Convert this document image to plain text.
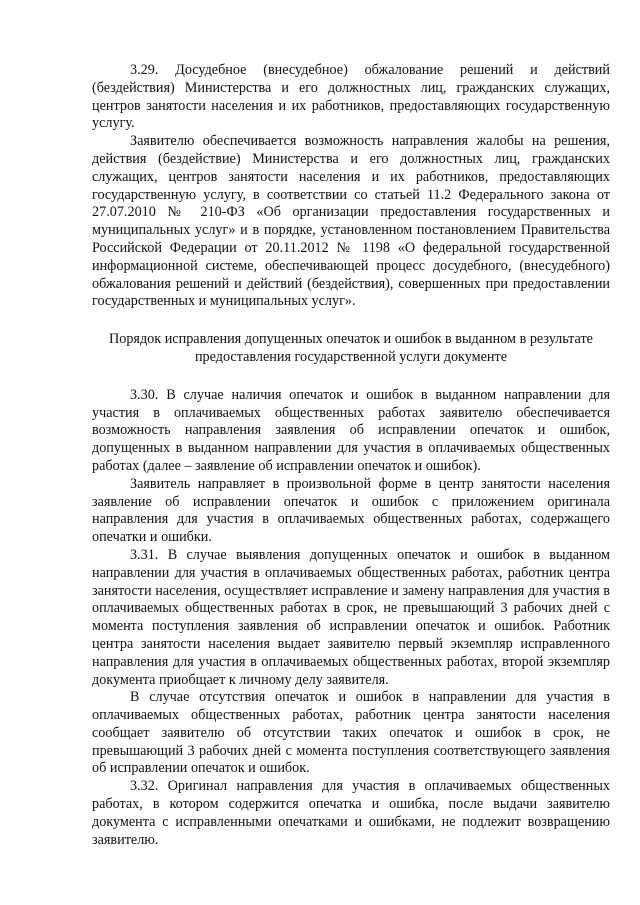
3.29. Досудебное (внесудебное) обжалование решений и действий (бездействия) Министерства и его должностных лиц, гражданских служащих, центров занятости населения и их работников, предоставляющих государственную услугу.

Заявителю обеспечивается возможность направления жалобы на решения, действия (бездействие) Министерства и его должностных лиц, гражданских служащих, центров занятости населения и их работников, предоставляющих государственную услугу, в соответствии со статьей 11.2 Федерального закона от 27.07.2010 № 210-ФЗ «Об организации предоставления государственных и муниципальных услуг» и в порядке, установленном постановлением Правительства Российской Федерации от 20.11.2012 № 1198 «О федеральной государственной информационной системе, обеспечивающей процесс досудебного, (внесудебного) обжалования решений и действий (бездействия), совершенных при предоставлении государственных и муниципальных услуг».

Порядок исправления допущенных опечаток и ошибок в выданном в результате предоставления государственной услуги документе

3.30. В случае наличия опечаток и ошибок в выданном направлении для участия в оплачиваемых общественных работах заявителю обеспечивается возможность направления заявления об исправлении опечаток и ошибок, допущенных в выданном направлении для участия в оплачиваемых общественных работах (далее – заявление об исправлении опечаток и ошибок).

Заявитель направляет в произвольной форме в центр занятости населения заявление об исправлении опечаток и ошибок с приложением оригинала направления для участия в оплачиваемых общественных работах, содержащего опечатки и ошибки.

3.31. В случае выявления допущенных опечаток и ошибок в выданном направлении для участия в оплачиваемых общественных работах, работник центра занятости населения, осуществляет исправление и замену направления для участия в оплачиваемых общественных работах в срок, не превышающий 3 рабочих дней с момента поступления заявления об исправлении опечаток и ошибок. Работник центра занятости населения выдает заявителю первый экземпляр исправленного направления для участия в оплачиваемых общественных работах, второй экземпляр документа приобщает к личному делу заявителя.

В случае отсутствия опечаток и ошибок в направлении для участия в оплачиваемых общественных работах, работник центра занятости населения сообщает заявителю об отсутствии таких опечаток и ошибок в срок, не превышающий 3 рабочих дней с момента поступления соответствующего заявления об исправлении опечаток и ошибок.

3.32. Оригинал направления для участия в оплачиваемых общественных работах, в котором содержится опечатка и ошибка, после выдачи заявителю документа с исправленными опечатками и ошибками, не подлежит возвращению заявителю.
